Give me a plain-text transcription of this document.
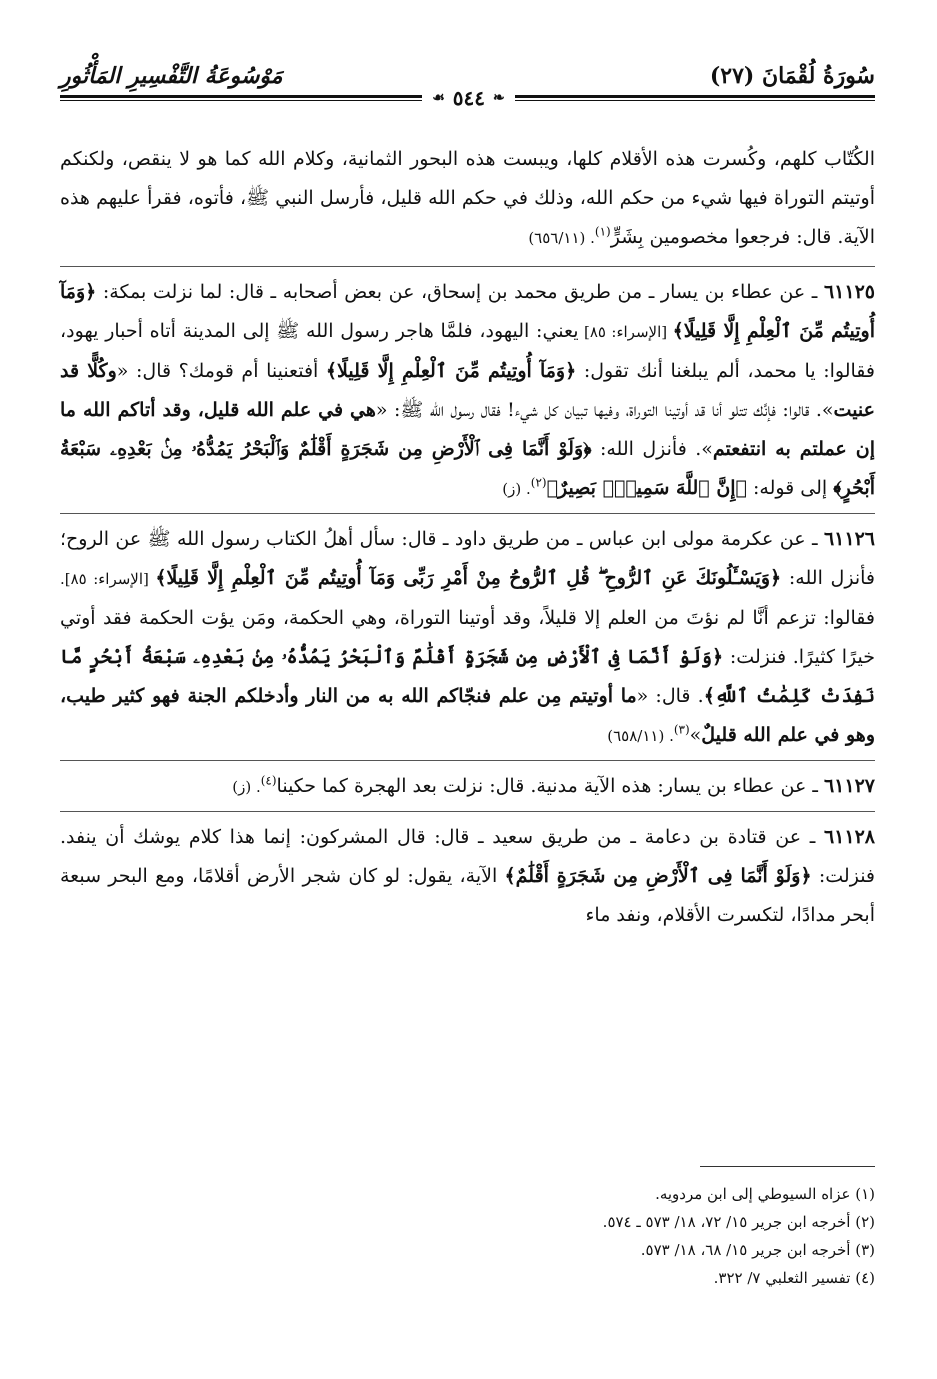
سُورَةُ لُقْمَانَ (٢٧)
مَوْسُوعَةُ التَّفْسِيرِ المَأْثُورِ
❧
٥٤٤
☙

الكُتّاب كلهم، وكُسرت هذه الأقلام كلها، ويبست هذه البحور الثمانية، وكلام الله كما هو لا ينقص، ولكنكم أوتيتم التوراة فيها شيء من حكم الله، وذلك في حكم الله قليل، فأرسل النبي ﷺ، فأتوه، فقرأ عليهم هذه الآية. قال: فرجعوا مخصومين بِشَرٍّ$^{(١)}$. (٦٥٦/١١)

٦١١٢٥ ـ عن عطاء بن يسار ـ من طريق محمد بن إسحاق، عن بعض أصحابه ـ قال: لما نزلت بمكة: ﴿وَمَآ أُوتِيتُم مِّنَ ٱلْعِلْمِ إِلَّا قَلِيلًا﴾ [الإسراء: ٨٥] يعني: اليهود، فلمَّا هاجر رسول الله ﷺ إلى المدينة أتاه أحبار يهود، فقالوا: يا محمد، ألم يبلغنا أنك تقول: ﴿وَمَآ أُوتِيتُم مِّنَ ٱلْعِلْمِ إِلَّا قَلِيلًا﴾ أفتعنينا أم قومك؟ قال: «وكُلًّا قد عنيت». قالوا: فإنَّك تتلو أنا قد أوتينا التوراة، وفيها تبيان كل شيء! فقال رسول الله ﷺ: «هي في علم الله قليل، وقد أتاكم الله ما إن عملتم به انتفعتم». فأنزل الله: ﴿وَلَوْ أَنَّمَا فِى ٱلْأَرْضِ مِن شَجَرَةٍ أَقْلَٰمٌ وَٱلْبَحْرُ يَمُدُّهُۥ مِنۢ بَعْدِهِۦ سَبْعَةُ أَبْحُرٍ﴾ إلى قوله: ﴿إِنَّ ٱللَّهَ سَمِيعٌۢ بَصِيرٌ﴾$^{(٢)}$. (ز)

٦١١٢٦ ـ عن عكرمة مولى ابن عباس ـ من طريق داود ـ قال: سأل أهلُ الكتاب رسول الله ﷺ عن الروح؛ فأنزل الله: ﴿وَيَسْـَٔلُونَكَ عَنِ ٱلرُّوحِ ۖ قُلِ ٱلرُّوحُ مِنْ أَمْرِ رَبِّى وَمَآ أُوتِيتُم مِّنَ ٱلْعِلْمِ إِلَّا قَلِيلًا﴾ [الإسراء: ٨٥]. فقالوا: تزعم أنَّا لم نؤتَ من العلم إلا قليلاً، وقد أوتينا التوراة، وهي الحكمة، ومَن يؤت الحكمة فقد أوتي خيرًا كثيرًا. فنزلت: ﴿وَلَوْ أَنَّمَا فِى ٱلْأَرْضِ مِن شَجَرَةٍ أَقْلَٰمٌ وَٱلْبَحْرُ يَمُدُّهُۥ مِنۢ بَعْدِهِۦ سَبْعَةُ أَبْحُرٍ مَّا نَفِدَتْ كَلِمَٰتُ ٱللَّهِ﴾. قال: «ما أوتيتم مِن علم فنجّاكم الله به من النار وأدخلكم الجنة فهو كثير طيب، وهو في علم الله قليلٌ»$^{(٣)}$. (٦٥٨/١١)

٦١١٢٧ ـ عن عطاء بن يسار: هذه الآية مدنية. قال: نزلت بعد الهجرة كما حكينا$^{(٤)}$. (ز)

٦١١٢٨ ـ عن قتادة بن دعامة ـ من طريق سعيد ـ قال: قال المشركون: إنما هذا كلام يوشك أن ينفد. فنزلت: ﴿وَلَوْ أَنَّمَا فِى ٱلْأَرْضِ مِن شَجَرَةٍ أَقْلَٰمٌ﴾ الآية، يقول: لو كان شجر الأرض أقلامًا، ومع البحر سبعة أبحر مدادًا، لتكسرت الأقلام، ونفد ماء

(١) عزاه السيوطي إلى ابن مردويه.

(٢) أخرجه ابن جرير ١٥/ ٧٢، ١٨/ ٥٧٣ ـ ٥٧٤.

(٣) أخرجه ابن جرير ١٥/ ٦٨، ١٨/ ٥٧٣.

(٤) تفسير الثعلبي ٧/ ٣٢٢.
